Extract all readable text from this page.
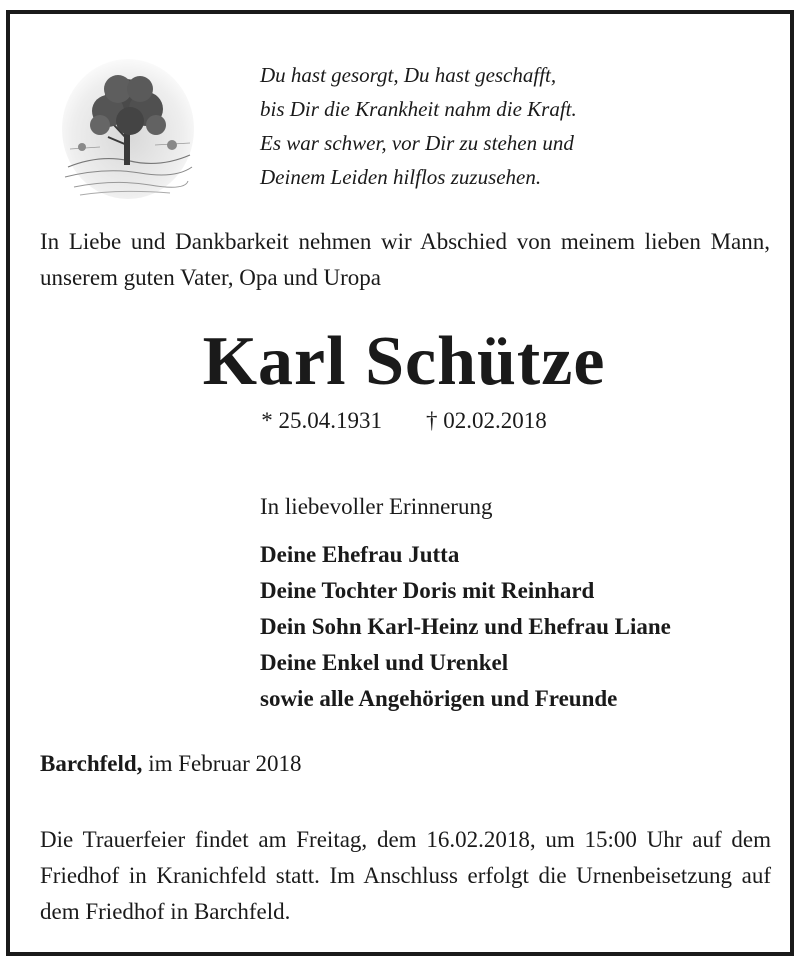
Du hast gesorgt, Du hast geschafft,
bis Dir die Krankheit nahm die Kraft.
Es war schwer, vor Dir zu stehen und
Deinem Leiden hilflos zuzusehen.
In Liebe und Dankbarkeit nehmen wir Abschied von meinem lieben Mann, unserem guten Vater, Opa und Uropa
Karl Schütze
* 25.04.1931 † 02.02.2018
In liebevoller Erinnerung
Deine Ehefrau Jutta
Deine Tochter Doris mit Reinhard
Dein Sohn Karl-Heinz und Ehefrau Liane
Deine Enkel und Urenkel
sowie alle Angehörigen und Freunde
Barchfeld, im Februar 2018
Die Trauerfeier findet am Freitag, dem 16.02.2018, um 15:00 Uhr auf dem Friedhof in Kranichfeld statt. Im Anschluss erfolgt die Urnenbeisetzung auf dem Friedhof in Barchfeld.
